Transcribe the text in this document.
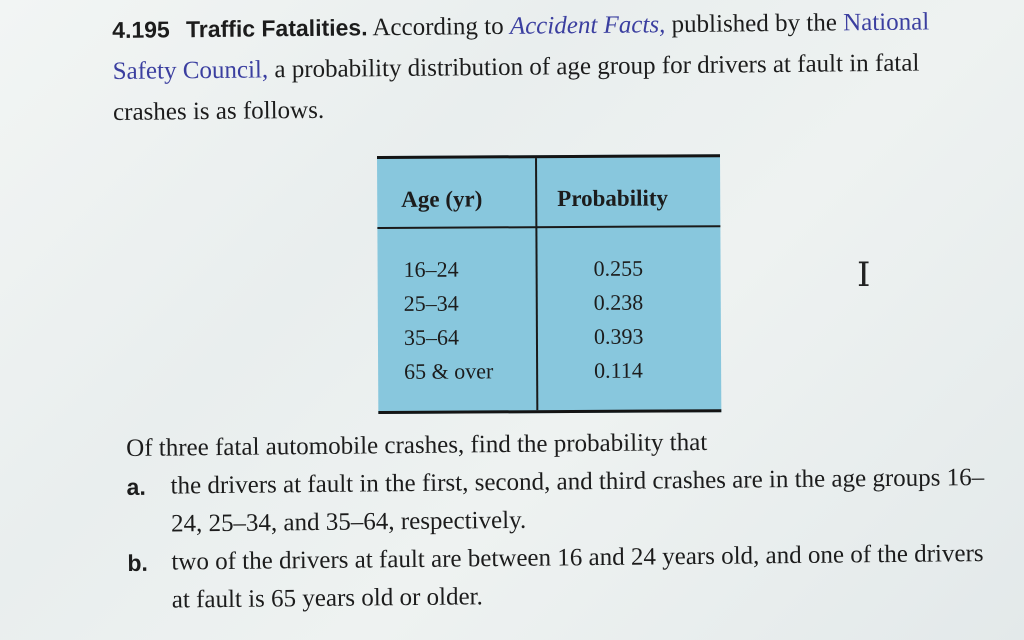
4.195 Traffic Fatalities. According to Accident Facts, published by the National Safety Council, a probability distribution of age group for drivers at fault in fatal crashes is as follows.
Age (yr)	Probability
16–24	0.255
25–34	0.238
35–64	0.393
65 & over	0.114
I
Of three fatal automobile crashes, find the probability that
a. the drivers at fault in the first, second, and third crashes are in the age groups 16–24, 25–34, and 35–64, respectively.
b. two of the drivers at fault are between 16 and 24 years old, and one of the drivers at fault is 65 years old or older.
